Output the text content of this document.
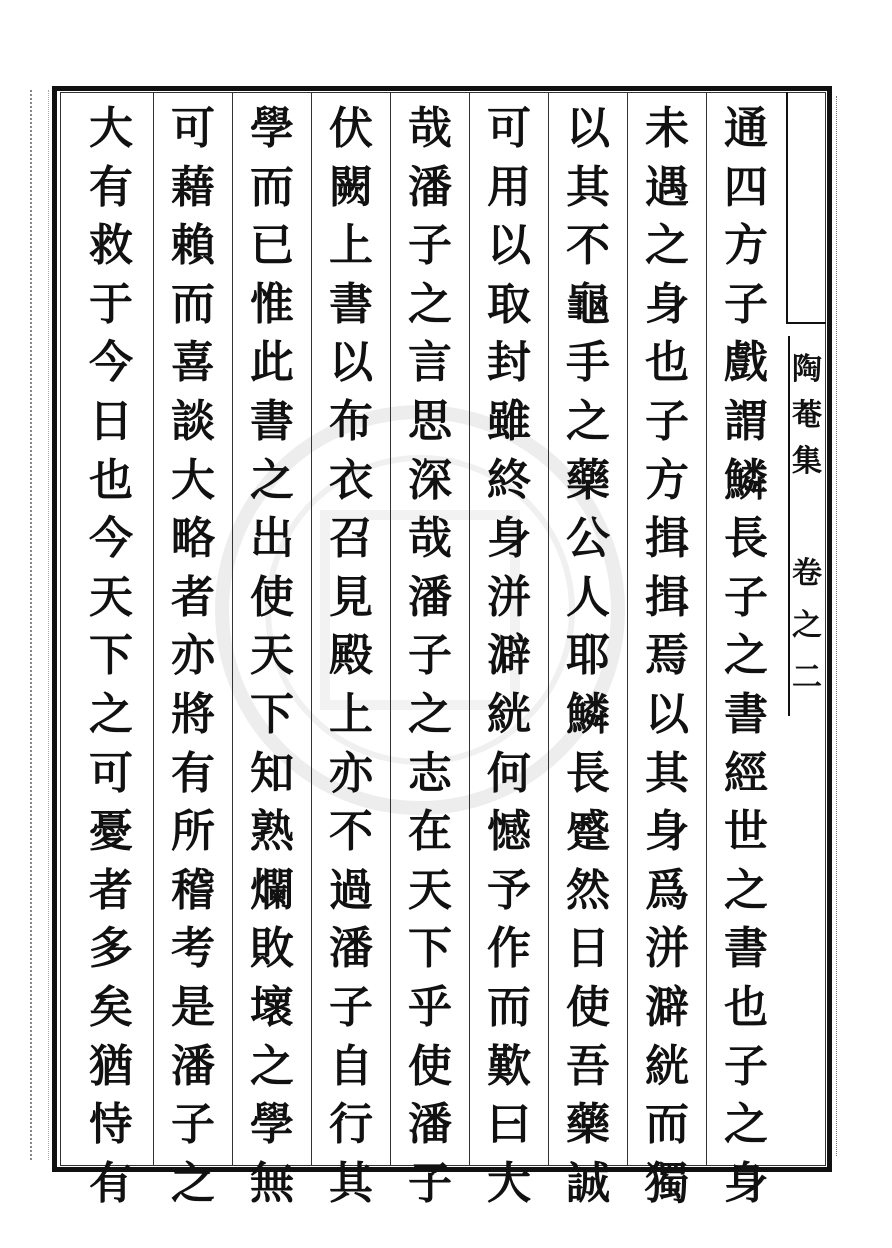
陶
菴
集
卷
之
二
通
四
方
子
戲
謂
鱗
長
子
之
書
經
世
之
書
也
子
之
身
未
遇
之
身
也
子
方
揖
揖
焉
以
其
身
爲
洴
澼
絖
而
獨
以
其
不
龜
手
之
藥
公
人
耶
鱗
長
蹙
然
日
使
吾
藥
誠
可
用
以
取
封
雖
終
身
洴
澼
絖
何
憾
予
作
而
歎
曰
大
哉
潘
子
之
言
思
深
哉
潘
子
之
志
在
天
下
乎
使
潘
子
伏
闕
上
書
以
布
衣
召
見
殿
上
亦
不
過
潘
子
自
行
其
學
而
已
惟
此
書
之
出
使
天
下
知
熟
爛
敗
壞
之
學
無
可
藉
賴
而
喜
談
大
略
者
亦
將
有
所
稽
考
是
潘
子
之
大
有
救
于
今
日
也
今
天
下
之
可
憂
者
多
矣
猶
恃
有
